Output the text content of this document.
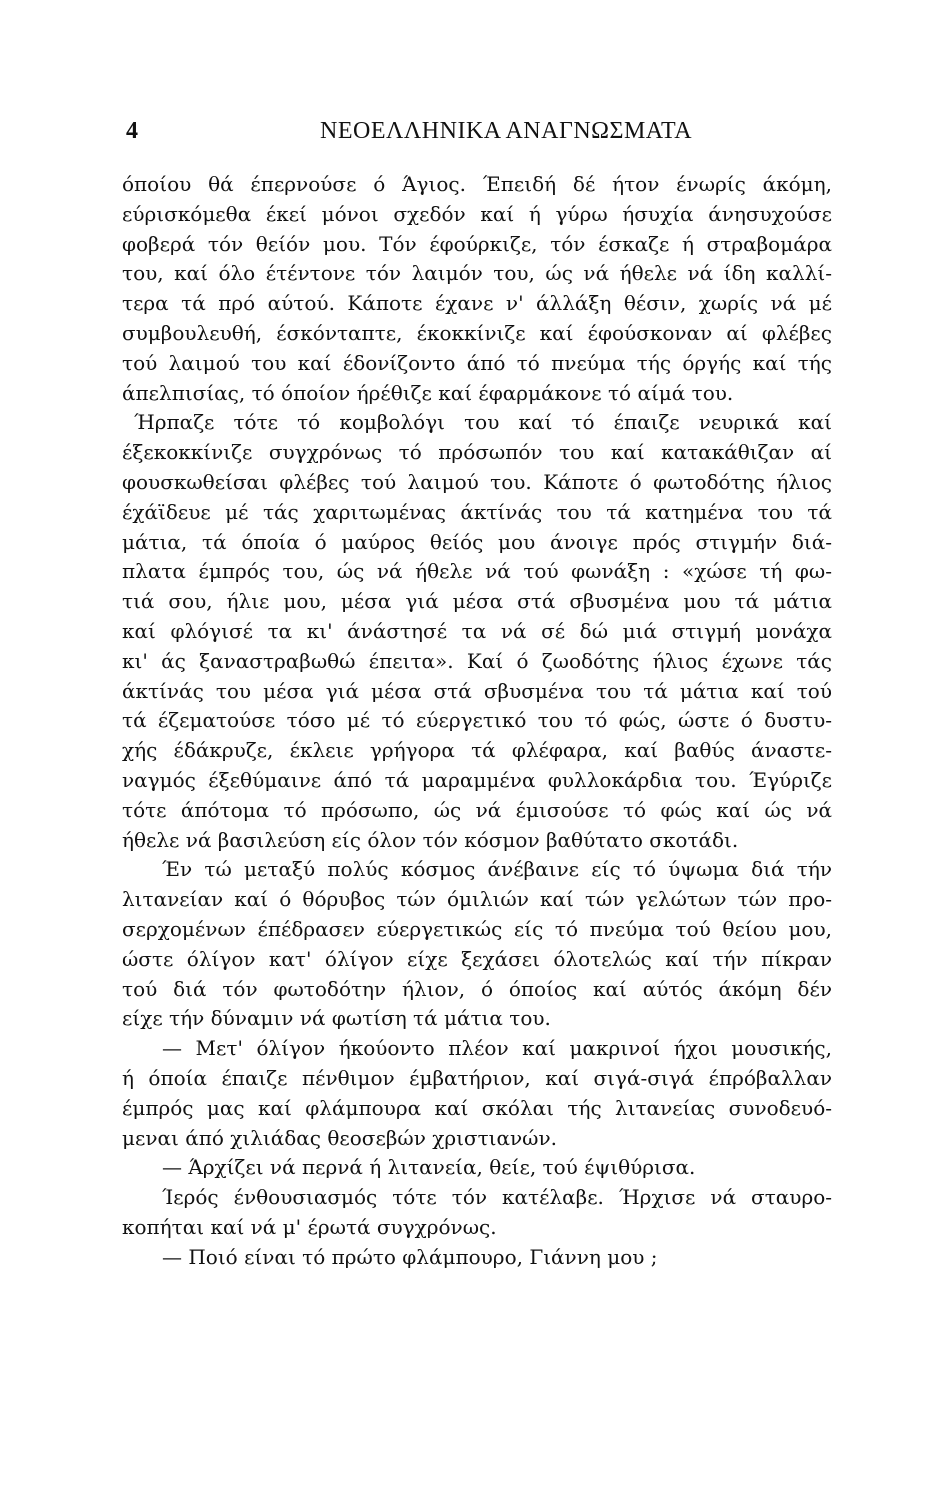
4	ΝΕΟΕΛΛΗΝΙΚΑ ΑΝΑΓΝΩΣΜΑΤΑ
όποίου θά έπερνούσε ό Άγιος. Έπειδή δέ ήτον ένωρίς άκόμη,
εύρισκόμεθα έκεί μόνοι σχεδόν καί ή γύρω ήσυχία άνησυχούσε
φοβερά τόν θείόν μου. Τόν έφούρκιζε, τόν έσκαζε ή στραβομάρα
του, καί όλο έτέντονε τόν λαιμόν του, ώς νά ήθελε νά ίδη καλλί-
τερα τά πρό αύτού. Κάποτε έχανε ν' άλλάξη θέσιν, χωρίς νά μέ
συμβουλευθή, έσκόνταπτε, έκοκκίνιζε καί έφούσκοναν αί φλέβες
τού λαιμού του καί έδονίζοντο άπό τό πνεύμα τής όργής καί τής
άπελπισίας, τό όποίον ήρέθιζε καί έφαρμάκονε τό αίμά του.
Ήρπαζε τότε τό κομβολόγι του καί τό έπαιζε νευρικά καί
έξεκοκκίνιζε συγχρόνως τό πρόσωπόν του καί κατακάθιζαν αί
φουσκωθείσαι φλέβες τού λαιμού του. Κάποτε ό φωτοδότης ήλιος
έχάϊδευε μέ τάς χαριτωμένας άκτίνάς του τά κατημένα του τά
μάτια, τά όποία ό μαύρος θείός μου άνοιγε πρός στιγμήν διά-
πλατα έμπρός του, ώς νά ήθελε νά τού φωνάξη : «χώσε τή φω-
τιά σου, ήλιε μου, μέσα γιά μέσα στά σβυσμένα μου τά μάτια
καί φλόγισέ τα κι' άνάστησέ τα νά σέ δώ μιά στιγμή μονάχα
κι' άς ξαναστραβωθώ έπειτα». Καί ό ζωοδότης ήλιος έχωνε τάς
άκτίνάς του μέσα γιά μέσα στά σβυσμένα του τά μάτια καί τού
τά έζεματούσε τόσο μέ τό εύεργετικό του τό φώς, ώστε ό δυστυ-
χής έδάκρυζε, έκλειε γρήγορα τά φλέφαρα, καί βαθύς άναστε-
ναγμός έξεθύμαινε άπό τά μαραμμένα φυλλοκάρδια του. Έγύριζε
τότε άπότομα τό πρόσωπο, ώς νά έμισούσε τό φώς καί ώς νά
ήθελε νά βασιλεύση είς όλον τόν κόσμον βαθύτατο σκοτάδι.
Έν τώ μεταξύ πολύς κόσμος άνέβαινε είς τό ύψωμα διά τήν
λιτανείαν καί ό θόρυβος τών όμιλιών καί τών γελώτων τών προ-
σερχομένων έπέδρασεν εύεργετικώς είς τό πνεύμα τού θείου μου,
ώστε όλίγον κατ' όλίγον είχε ξεχάσει όλοτελώς καί τήν πίκραν
τού διά τόν φωτοδότην ήλιον, ό όποίος καί αύτός άκόμη δέν
είχε τήν δύναμιν νά φωτίση τά μάτια του.
— Μετ' όλίγον ήκούοντο πλέον καί μακρινοί ήχοι μουσικής,
ή όποία έπαιζε πένθιμον έμβατήριον, καί σιγά-σιγά έπρόβαλλαν
έμπρός μας καί φλάμπουρα καί σκόλαι τής λιτανείας συνοδευό-
μεναι άπό χιλιάδας θεοσεβών χριστιανών.
— Άρχίζει νά περνά ή λιτανεία, θείε, τού έψιθύρισα.
Ίερός ένθουσιασμός τότε τόν κατέλαβε. Ήρχισε νά σταυρο-
κοπήται καί νά μ' έρωτά συγχρόνως.
— Ποιό είναι τό πρώτο φλάμπουρο, Γιάννη μου ;
